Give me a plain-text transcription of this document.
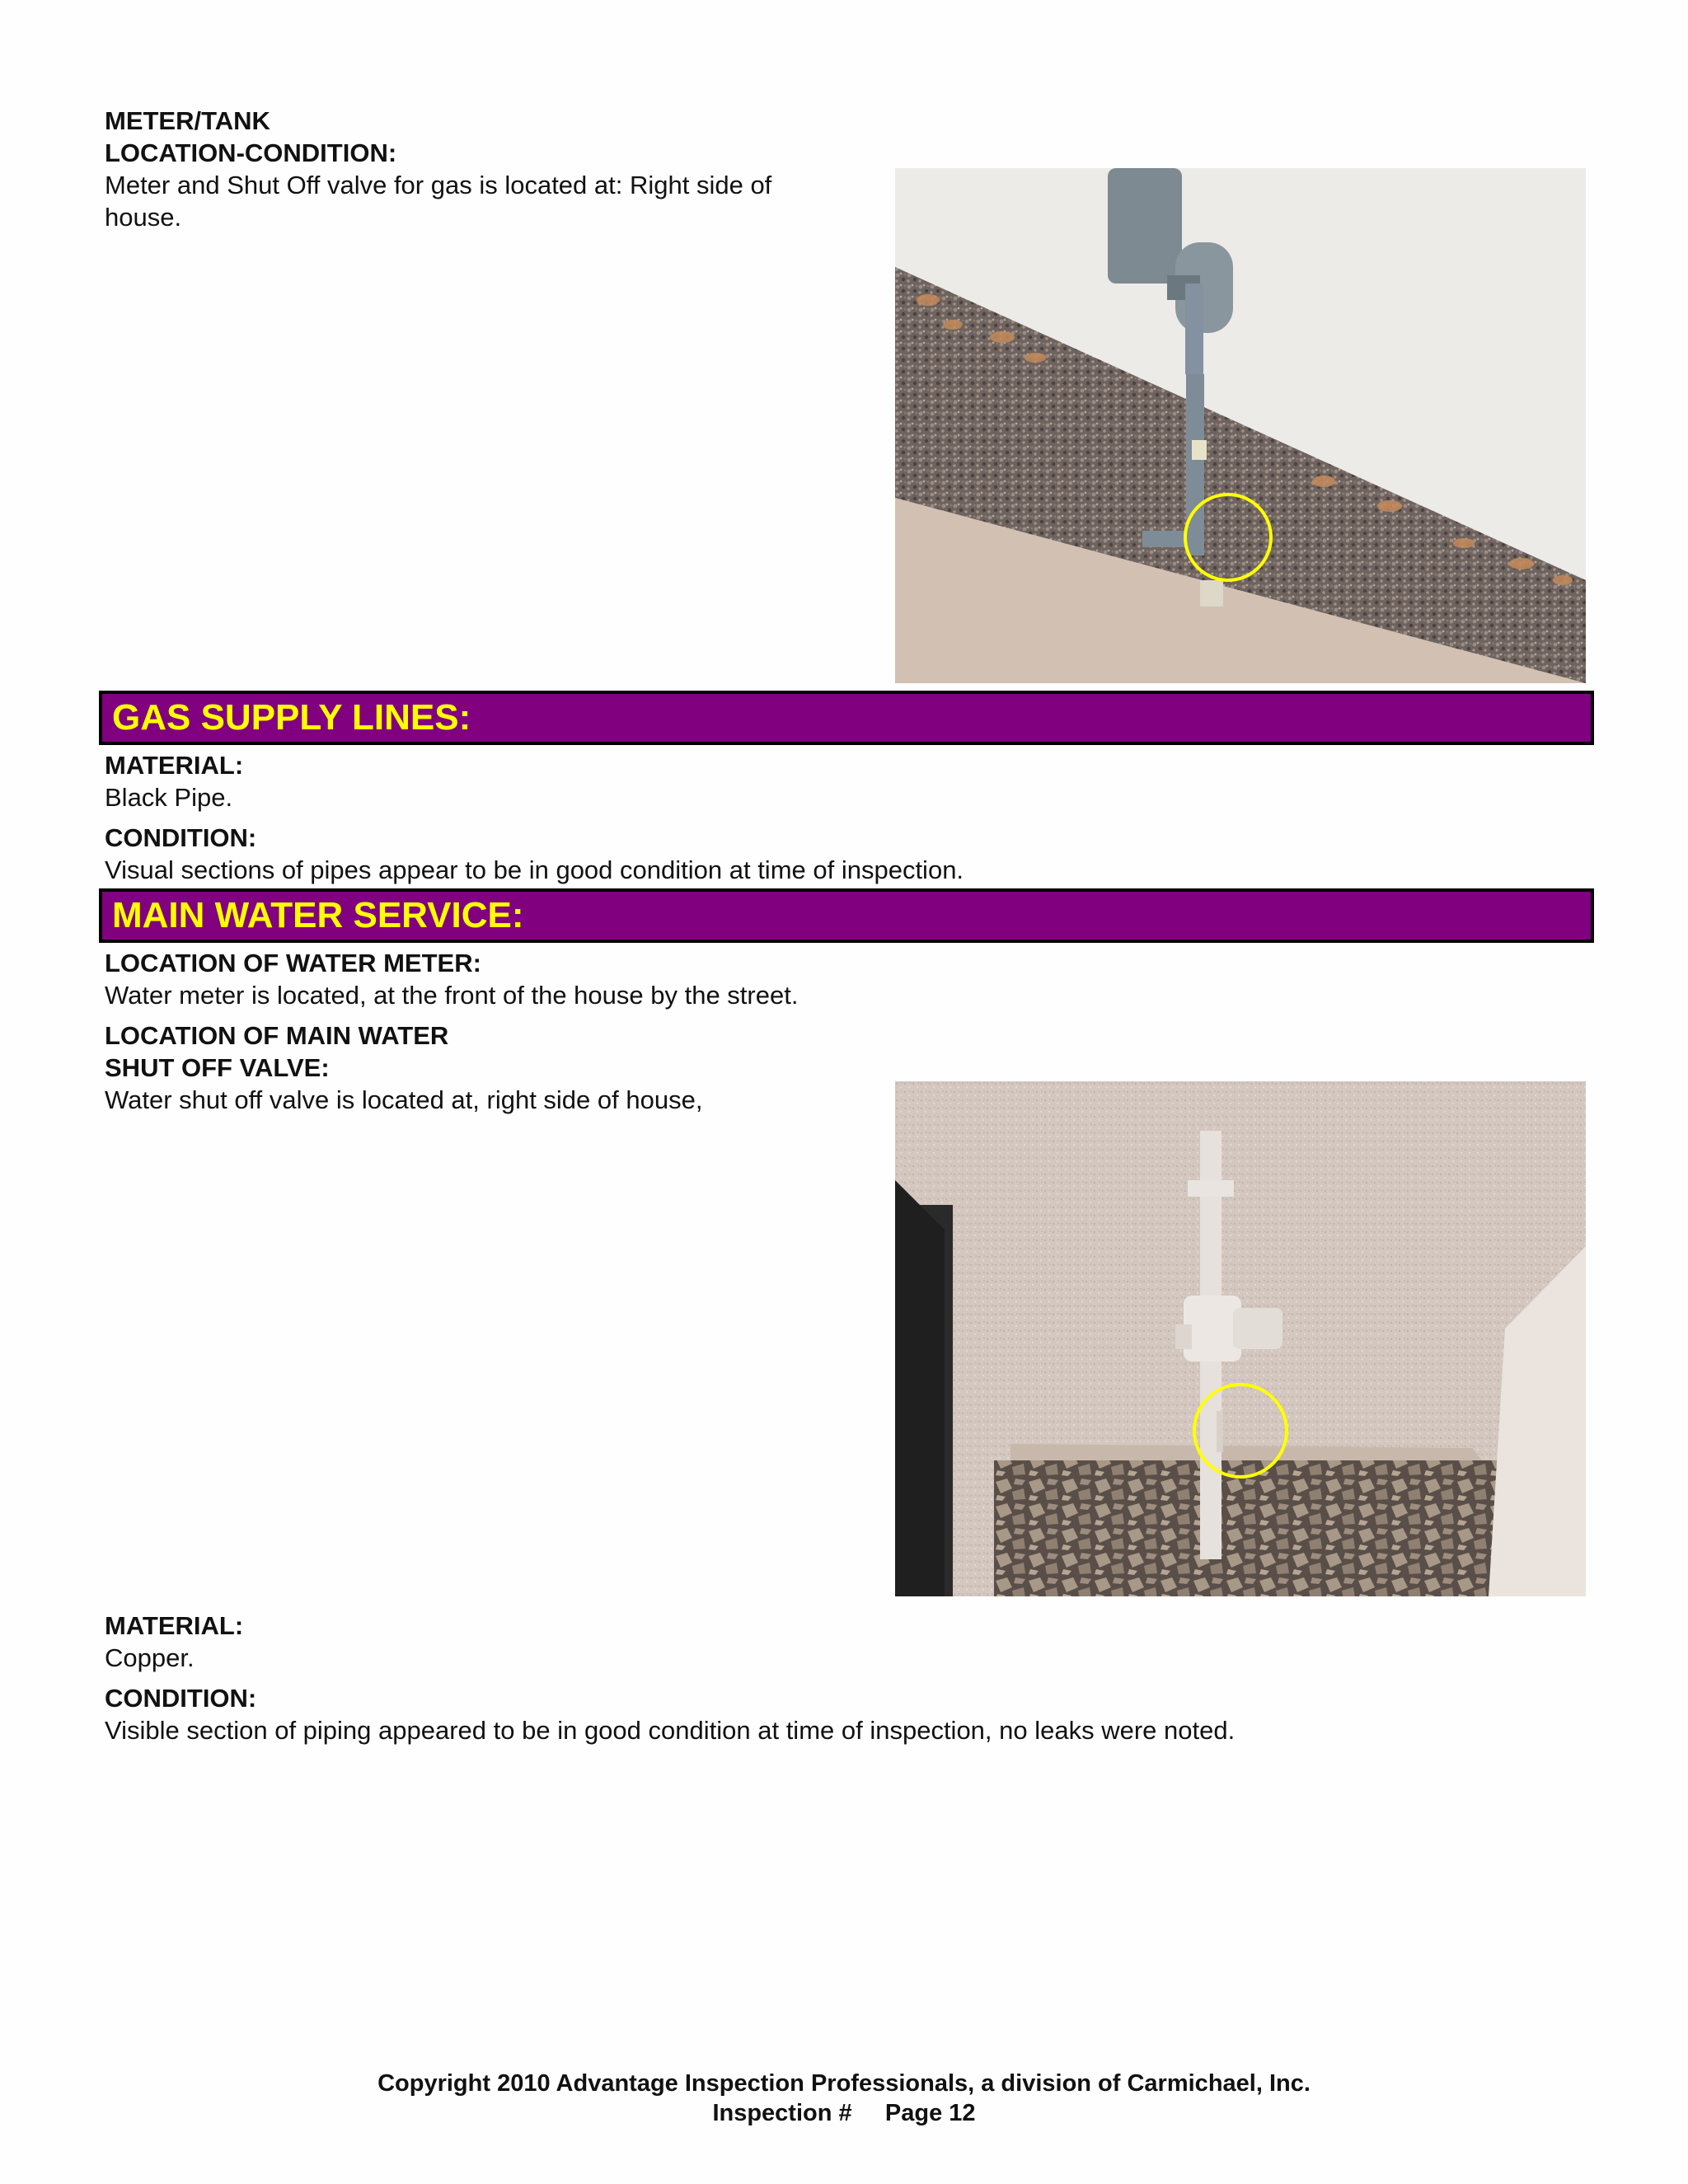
METER/TANK
LOCATION-CONDITION:
Meter and Shut Off valve for gas is located at: Right side of
house.
GAS SUPPLY LINES:
MATERIAL:
Black Pipe.
CONDITION:
Visual sections of pipes appear to be in good condition at time of inspection.
MAIN WATER SERVICE:
LOCATION OF WATER METER:
Water meter is located, at the front of the house by the street.
LOCATION OF MAIN WATER
SHUT OFF VALVE:
Water shut off valve is located at, right side of house,
MATERIAL:
Copper.
CONDITION:
Visible section of piping appeared to be in good condition at time of inspection, no leaks were noted.
Copyright 2010 Advantage Inspection Professionals, a division of Carmichael, Inc.
Inspection #     Page 12
